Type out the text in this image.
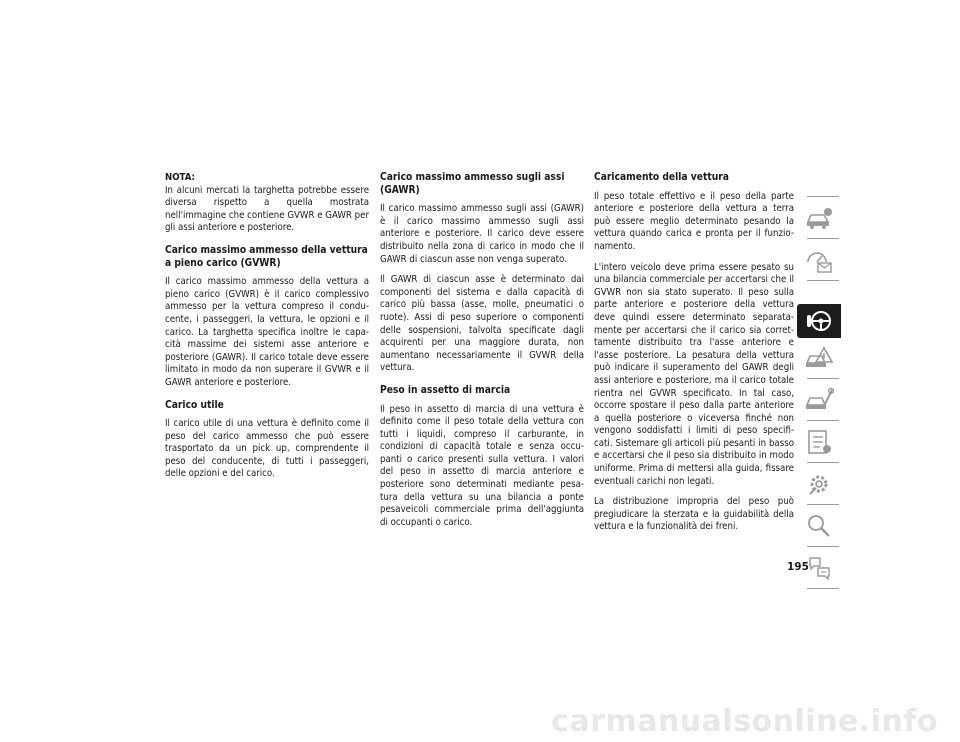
NOTA:
In alcuni mercati la targhetta potrebbe essere diversa rispetto a quella mostrata nell'immagine che contiene GVWR e GAWR per gli assi anteriore e posteriore.

Carico massimo ammesso della vettura a pieno carico (GVWR)

Il carico massimo ammesso della vettura a pieno carico (GVWR) è il carico complessivo ammesso per la vettura compreso il condu-cente, i passeggeri, la vettura, le opzioni e il carico. La targhetta specifica inoltre le capa-cità massime dei sistemi asse anteriore e posteriore (GAWR). Il carico totale deve essere limitato in modo da non superare il GVWR e il GAWR anteriore e posteriore.

Carico utile

Il carico utile di una vettura è definito come il peso del carico ammesso che può essere trasportato da un pick up, comprendente il peso del conducente, di tutti i passeggeri, delle opzioni e del carico.

Carico massimo ammesso sugli assi (GAWR)

Il carico massimo ammesso sugli assi (GAWR) è il carico massimo ammesso sugli assi anteriore e posteriore. Il carico deve essere distribuito nella zona di carico in modo che il GAWR di ciascun asse non venga superato.

Il GAWR di ciascun asse è determinato dai componenti del sistema e dalla capacità di carico più bassa (asse, molle, pneumatici o ruote). Assi di peso superiore o componenti delle sospensioni, talvolta specificate dagli acquirenti per una maggiore durata, non aumentano necessariamente il GVWR della vettura.

Peso in assetto di marcia

Il peso in assetto di marcia di una vettura è definito come il peso totale della vettura con tutti i liquidi, compreso il carburante, in condizioni di capacità totale e senza occu-panti o carico presenti sulla vettura. I valori del peso in assetto di marcia anteriore e posteriore sono determinati mediante pesa-tura della vettura su una bilancia a ponte pesaveicoli commerciale prima dell'aggiunta di occupanti o carico.

Caricamento della vettura

Il peso totale effettivo e il peso della parte anteriore e posteriore della vettura a terra può essere meglio determinato pesando la vettura quando carica e pronta per il funzio-namento.

L'intero veicolo deve prima essere pesato su una bilancia commerciale per accertarsi che il GVWR non sia stato superato. Il peso sulla parte anteriore e posteriore della vettura deve quindi essere determinato separata-mente per accertarsi che il carico sia corret-tamente distribuito tra l'asse anteriore e l'asse posteriore. La pesatura della vettura può indicare il superamento del GAWR degli assi anteriore e posteriore, ma il carico totale rientra nel GVWR specificato. In tal caso, occorre spostare il peso dalla parte anteriore a quella posteriore o viceversa finché non vengono soddisfatti i limiti di peso specifi-cati. Sistemare gli articoli più pesanti in basso e accertarsi che il peso sia distribuito in modo uniforme. Prima di mettersi alla guida, fissare eventuali carichi non legati.

La distribuzione impropria del peso può pregiudicare la sterzata e la guidabilità della vettura e la funzionalità dei freni.

195
carmanualsonline.info
